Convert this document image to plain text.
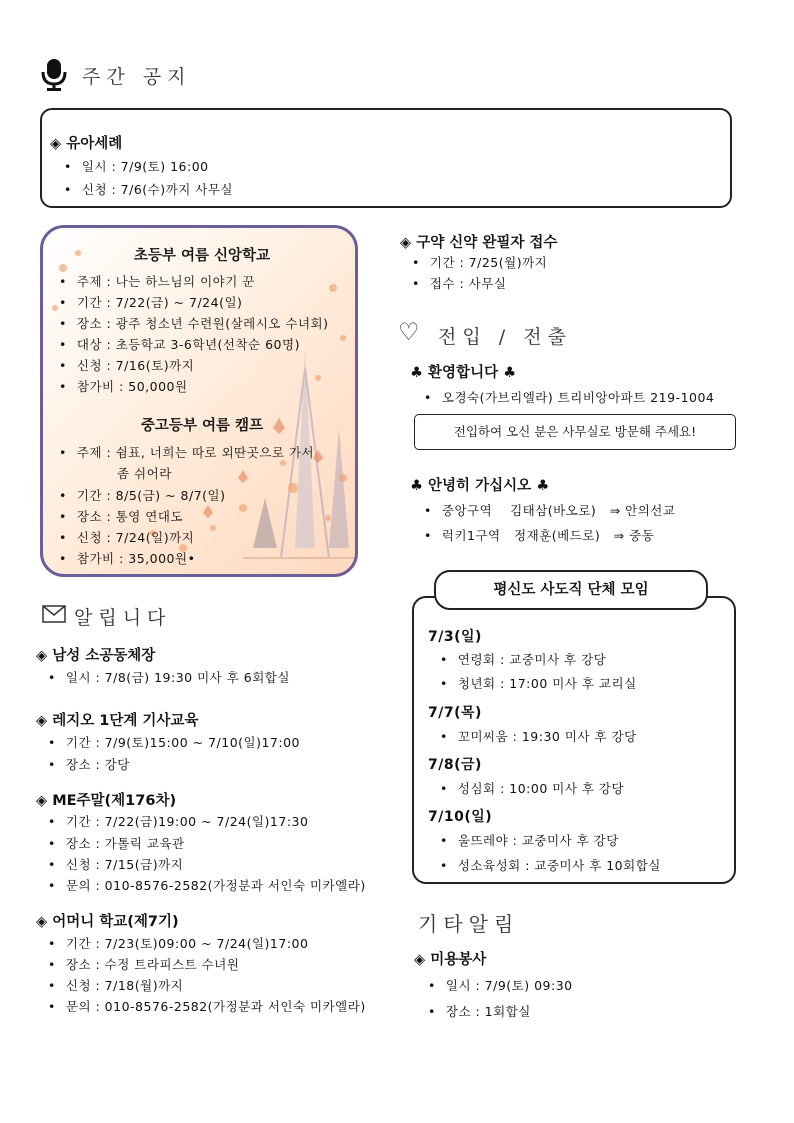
주간 공지
◈ 유아세례
• 일시 : 7/9(토) 16:00
• 신청 : 7/6(수)까지 사무실
초등부 여름 신앙학교
• 주제 : 나는 하느님의 이야기 꾼
• 기간 : 7/22(금) ~ 7/24(일)
• 장소 : 광주 청소년 수련원(살레시오 수녀회)
• 대상 : 초등학교 3-6학년(선착순 60명)
• 신청 : 7/16(토)까지
• 참가비 : 50,000원
중고등부 여름 캠프
• 주제 : 쉼표, 너희는 따로 외딴곳으로 가서
좀 쉬어라
• 기간 : 8/5(금) ~ 8/7(일)
• 장소 : 통영 연대도
• 신청 : 7/24(일)까지
• 참가비 : 35,000원•
◈ 구약 신약 완필자 접수
• 기간 : 7/25(월)까지
• 접수 : 사무실
♡ 전입 / 전출
♣ 환영합니다 ♣
• 오경숙(가브리엘라) 트리비앙아파트 219-1004
전입하여 오신 분은 사무실로 방문해 주세요!
♣ 안녕히 가십시오 ♣
• 중앙구역    김태삼(바오로)   ⇒ 안의선교
• 럭키1구역   정재훈(베드로)   ⇒ 중동
7/3(일)
• 연령회 : 교중미사 후 강당
• 청년회 : 17:00 미사 후 교리실
7/7(목)
• 꼬미씨움 : 19:30 미사 후 강당
7/8(금)
• 성심회 : 10:00 미사 후 강당
7/10(일)
• 울뜨레야 : 교중미사 후 강당
• 성소육성회 : 교중미사 후 10회합실
평신도 사도직 단체 모임
알립니다
◈ 남성 소공동체장
• 일시 : 7/8(금) 19:30 미사 후 6회합실
◈ 레지오 1단계 기사교육
• 기간 : 7/9(토)15:00 ~ 7/10(일)17:00
• 장소 : 강당
◈ ME주말(제176차)
• 기간 : 7/22(금)19:00 ~ 7/24(일)17:30
• 장소 : 가톨릭 교육관
• 신청 : 7/15(금)까지
• 문의 : 010-8576-2582(가정분과 서인숙 미카엘라)
◈ 어머니 학교(제7기)
• 기간 : 7/23(토)09:00 ~ 7/24(일)17:00
• 장소 : 수정 트라피스트 수녀원
• 신청 : 7/18(월)까지
• 문의 : 010-8576-2582(가정분과 서인숙 미카엘라)
기타알림
◈ 미용봉사
• 일시 : 7/9(토) 09:30
• 장소 : 1회합실
